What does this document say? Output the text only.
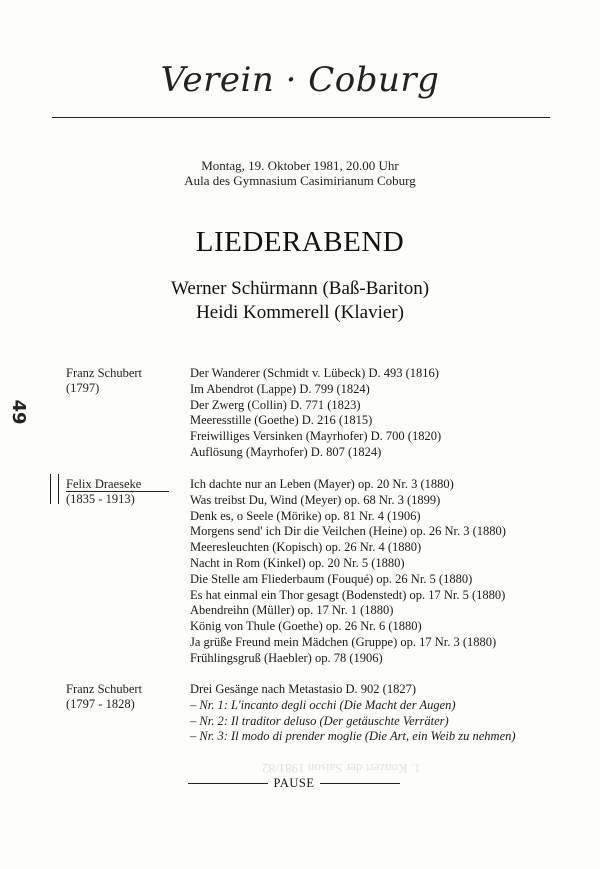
Verein · Coburg
Montag, 19. Oktober 1981, 20.00 Uhr
Aula des Gymnasium Casimirianum Coburg
LIEDERABEND
Werner Schürmann (Baß-Bariton)
Heidi Kommerell (Klavier)
49
Franz Schubert
(1797)
Der Wanderer (Schmidt v. Lübeck) D. 493 (1816)
Im Abendrot (Lappe) D. 799 (1824)
Der Zwerg (Collin) D. 771 (1823)
Meeresstille (Goethe) D. 216 (1815)
Freiwilliges Versinken (Mayrhofer) D. 700 (1820)
Auflösung (Mayrhofer) D. 807 (1824)
Felix Draeseke
(1835 - 1913)
Ich dachte nur an Leben (Mayer) op. 20 Nr. 3 (1880)
Was treibst Du, Wind (Meyer) op. 68 Nr. 3 (1899)
Denk es, o Seele (Mörike) op. 81 Nr. 4 (1906)
Morgens send' ich Dir die Veilchen (Heine) op. 26 Nr. 3 (1880)
Meeresleuchten (Kopisch) op. 26 Nr. 4 (1880)
Nacht in Rom (Kinkel) op. 20 Nr. 5 (1880)
Die Stelle am Fliederbaum (Fouqué) op. 26 Nr. 5 (1880)
Es hat einmal ein Thor gesagt (Bodenstedt) op. 17 Nr. 5 (1880)
Abendreihn (Müller) op. 17 Nr. 1 (1880)
König von Thule (Goethe) op. 26 Nr. 6 (1880)
Ja grüße Freund mein Mädchen (Gruppe) op. 17 Nr. 3 (1880)
Frühlingsgruß (Haebler) op. 78 (1906)
Franz Schubert
(1797 - 1828)
Drei Gesänge nach Metastasio D. 902 (1827)
– Nr. 1: L'incanto degli occhi (Die Macht der Augen)
– Nr. 2: Il traditor deluso (Der getäuschte Verräter)
– Nr. 3: Il modo di prender moglie (Die Art, ein Weib zu nehmen)
1. Konzert der Saison 1981/82
PAUSE
